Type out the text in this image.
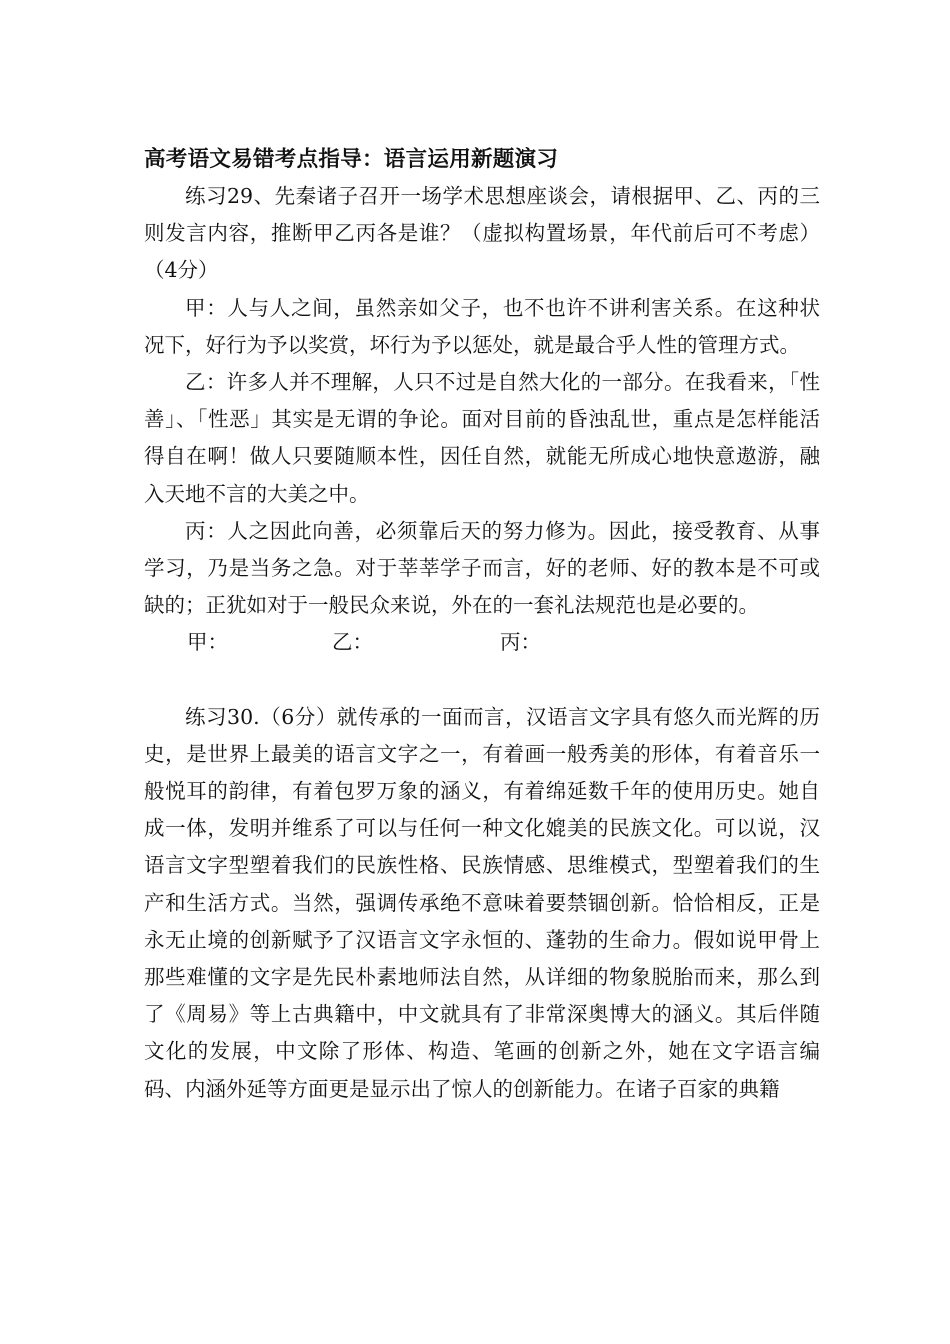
高考语文易错考点指导：语言运用新题演习

练习29、先秦诸子召开一场学术思想座谈会，请根据甲、乙、丙的三则发言内容，推断甲乙丙各是谁？（虚拟构置场景，年代前后可不考虑）（4分）

甲：人与人之间，虽然亲如父子，也不也许不讲利害关系。在这种状况下，好行为予以奖赏，坏行为予以惩处，就是最合乎人性的管理方式。

乙：许多人并不理解，人只不过是自然大化的一部分。在我看来，「性善」、「性恶」其实是无谓的争论。面对目前的昏浊乱世，重点是怎样能活得自在啊！做人只要随顺本性，因任自然，就能无所成心地快意遨游，融入天地不言的大美之中。

丙：人之因此向善，必须靠后天的努力修为。因此，接受教育、从事学习，乃是当务之急。对于莘莘学子而言，好的老师、好的教本是不可或缺的；正犹如对于一般民众来说，外在的一套礼法规范也是必要的。

甲：	乙：	丙：

练习30.（6分）就传承的一面而言，汉语言文字具有悠久而光辉的历史，是世界上最美的语言文字之一，有着画一般秀美的形体，有着音乐一般悦耳的韵律，有着包罗万象的涵义，有着绵延数千年的使用历史。她自成一体，发明并维系了可以与任何一种文化媲美的民族文化。可以说，汉语言文字型塑着我们的民族性格、民族情感、思维模式，型塑着我们的生产和生活方式。当然，强调传承绝不意味着要禁锢创新。恰恰相反，正是永无止境的创新赋予了汉语言文字永恒的、蓬勃的生命力。假如说甲骨上那些难懂的文字是先民朴素地师法自然，从详细的物象脱胎而来，那么到了《周易》等上古典籍中，中文就具有了非常深奥博大的涵义。其后伴随文化的发展，中文除了形体、构造、笔画的创新之外，她在文字语言编码、内涵外延等方面更是显示出了惊人的创新能力。在诸子百家的典籍
